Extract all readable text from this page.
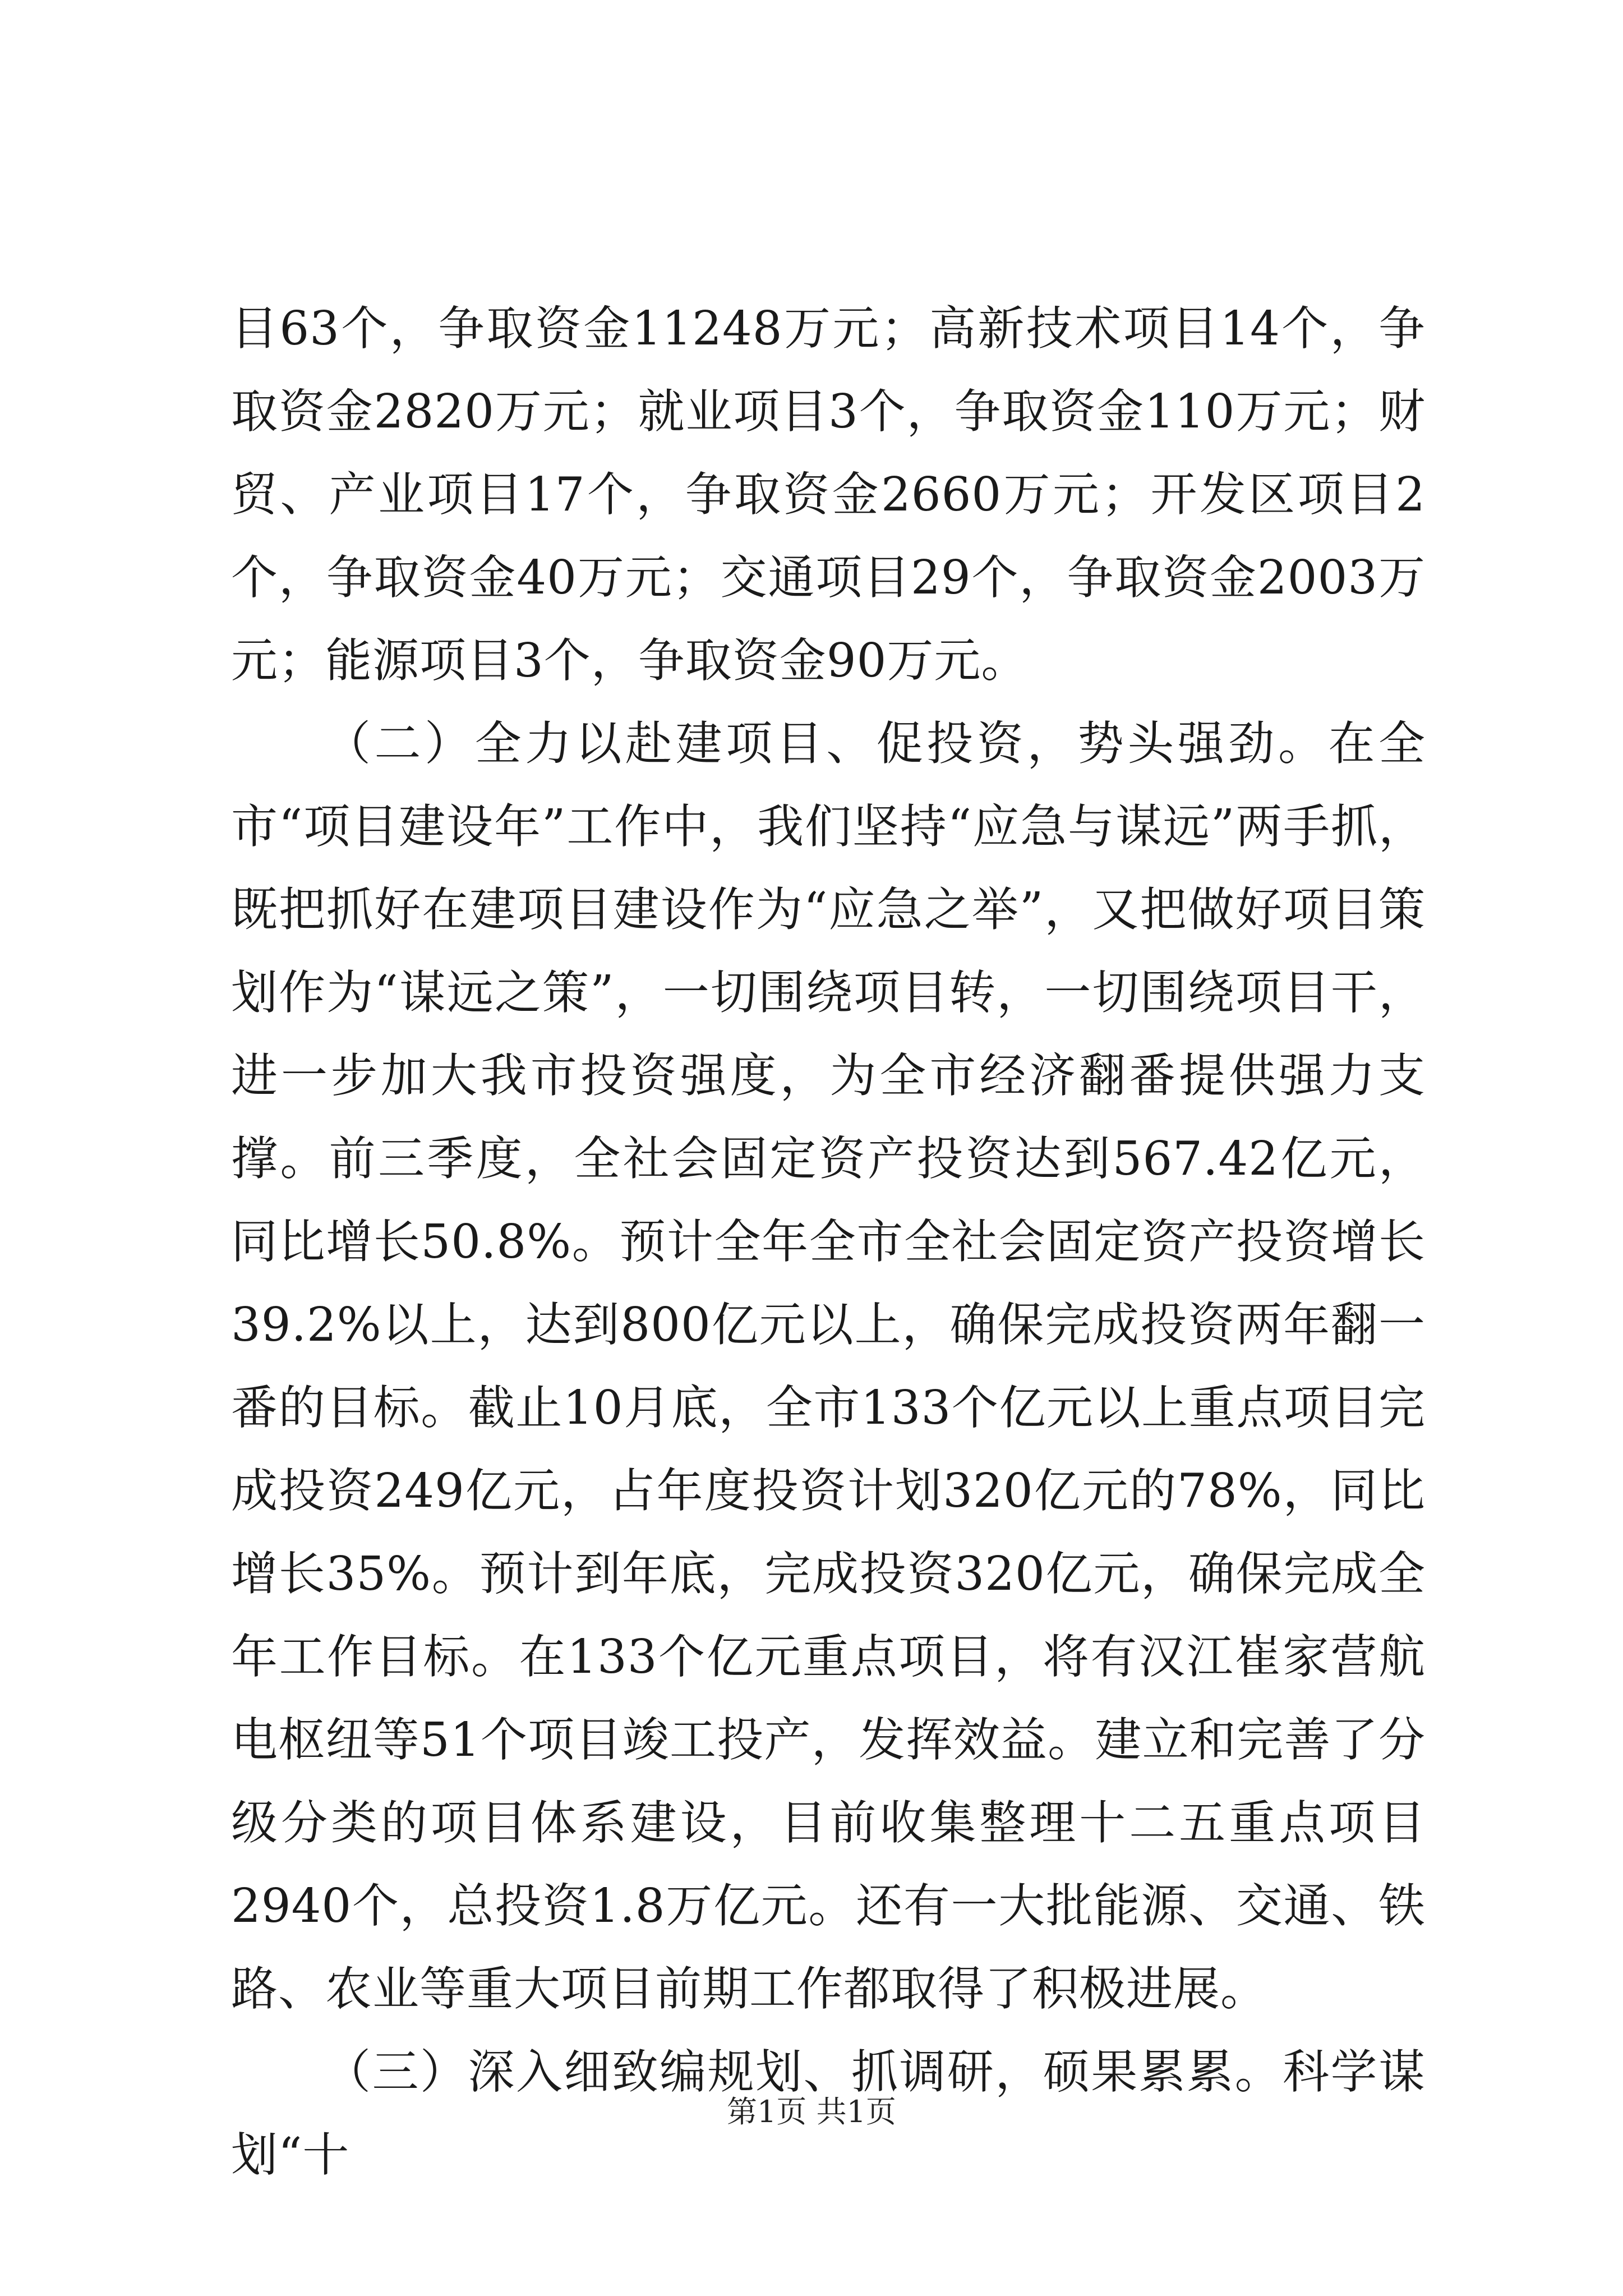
目63个，争取资金11248万元；高新技术项目14个，争取资金2820万元；就业项目3个，争取资金110万元；财贸、产业项目17个，争取资金2660万元；开发区项目2个，争取资金40万元；交通项目29个，争取资金2003万元；能源项目3个，争取资金90万元。

（二）全力以赴建项目、促投资，势头强劲。在全市“项目建设年”工作中，我们坚持“应急与谋远”两手抓，既把抓好在建项目建设作为“应急之举”，又把做好项目策划作为“谋远之策”，一切围绕项目转，一切围绕项目干，进一步加大我市投资强度，为全市经济翻番提供强力支撑。前三季度，全社会固定资产投资达到567.42亿元，同比增长50.8%。预计全年全市全社会固定资产投资增长39.2%以上，达到800亿元以上，确保完成投资两年翻一番的目标。截止10月底，全市133个亿元以上重点项目完成投资249亿元，占年度投资计划320亿元的78%，同比增长35%。预计到年底，完成投资320亿元，确保完成全年工作目标。在133个亿元重点项目，将有汉江崔家营航电枢纽等51个项目竣工投产，发挥效益。建立和完善了分级分类的项目体系建设，目前收集整理十二五重点项目2940个，总投资1.8万亿元。还有一大批能源、交通、铁路、农业等重大项目前期工作都取得了积极进展。

（三）深入细致编规划、抓调研，硕果累累。科学谋划“十

第1页 共1页
